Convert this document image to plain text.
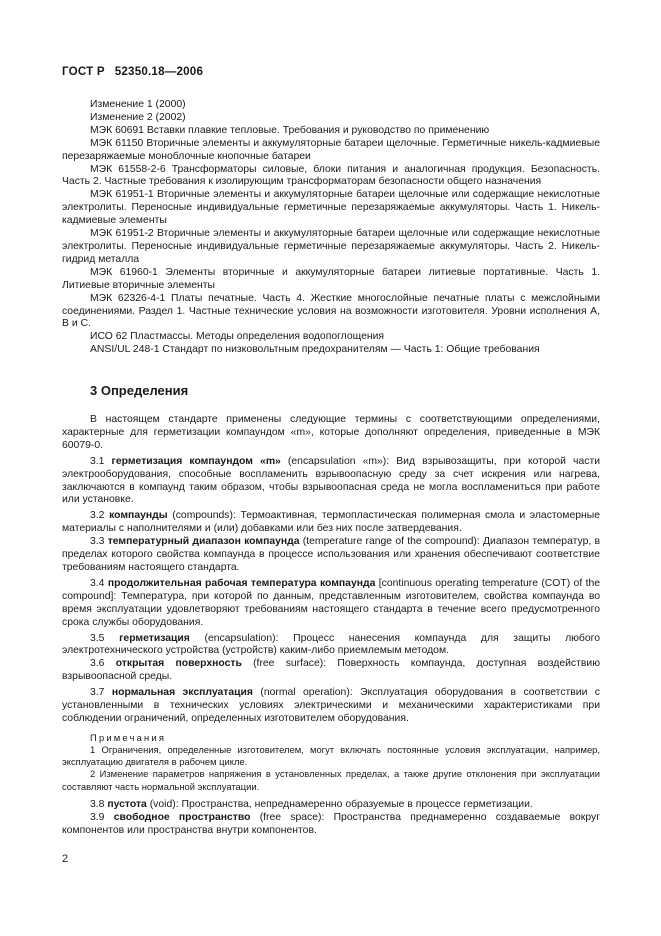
ГОСТ Р 52350.18—2006

Изменение 1 (2000)

Изменение 2 (2002)

МЭК 60691 Вставки плавкие тепловые. Требования и руководство по применению

МЭК 61150 Вторичные элементы и аккумуляторные батареи щелочные. Герметичные никель-кадмиевые перезаряжаемые моноблочные кнопочные батареи

МЭК 61558-2-6 Трансформаторы силовые, блоки питания и аналогичная продукция. Безопасность. Часть 2. Частные требования к изолирующим трансформаторам безопасности общего назначения

МЭК 61951-1 Вторичные элементы и аккумуляторные батареи щелочные или содержащие некислотные электролиты. Переносные индивидуальные герметичные перезаряжаемые аккумуляторы. Часть 1. Никель-кадмиевые элементы

МЭК 61951-2 Вторичные элементы и аккумуляторные батареи щелочные или содержащие некислотные электролиты. Переносные индивидуальные герметичные перезаряжаемые аккумуляторы. Часть 2. Никель-гидрид металла

МЭК 61960-1 Элементы вторичные и аккумуляторные батареи литиевые портативные. Часть 1. Литиевые вторичные элементы

МЭК 62326-4-1 Платы печатные. Часть 4. Жесткие многослойные печатные платы с межслойными соединениями. Раздел 1. Частные технические условия на возможности изготовителя. Уровни исполнения А, В и С.

ИСО 62 Пластмассы. Методы определения водопоглощения

ANSI/UL 248-1 Стандарт по низковольтным предохранителям — Часть 1: Общие требования

3 Определения

В настоящем стандарте применены следующие термины с соответствующими определениями, характерные для герметизации компаундом «m», которые дополняют определения, приведенные в МЭК 60079-0.

3.1 герметизация компаундом «m» (encapsulation «m»): Вид взрывозащиты, при которой части электрооборудования, способные воспламенить взрывоопасную среду за счет искрения или нагрева, заключаются в компаунд таким образом, чтобы взрывоопасная среда не могла воспламениться при работе или установке.

3.2 компаунды (compounds): Термоактивная, термопластическая полимерная смола и эластомерные материалы с наполнителями и (или) добавками или без них после затвердевания.

3.3 температурный диапазон компаунда (temperature range of the compound): Диапазон температур, в пределах которого свойства компаунда в процессе использования или хранения обеспечивают соответствие требованиям настоящего стандарта.

3.4 продолжительная рабочая температура компаунда [continuous operating temperature (COT) of the compound]: Температура, при которой по данным, представленным изготовителем, свойства компаунда во время эксплуатации удовлетворяют требованиям настоящего стандарта в течение всего предусмотренного срока службы оборудования.

3.5 герметизация (encapsulation): Процесс нанесения компаунда для защиты любого электротехнического устройства (устройств) каким-либо приемлемым методом.

3.6 открытая поверхность (free surface): Поверхность компаунда, доступная воздействию взрывоопасной среды.

3.7 нормальная эксплуатация (normal operation): Эксплуатация оборудования в соответствии с установленными в технических условиях электрическими и механическими характеристиками при соблюдении ограничений, определенных изготовителем оборудования.

Примечания

1 Ограничения, определенные изготовителем, могут включать постоянные условия эксплуатации, например, эксплуатацию двигателя в рабочем цикле.

2 Изменение параметров напряжения в установленных пределах, а также другие отклонения при эксплуатации составляют часть нормальной эксплуатации.

3.8 пустота (void): Пространства, непреднамеренно образуемые в процессе герметизации.

3.9 свободное пространство (free space): Пространства преднамеренно создаваемые вокруг компонентов или пространства внутри компонентов.

2
